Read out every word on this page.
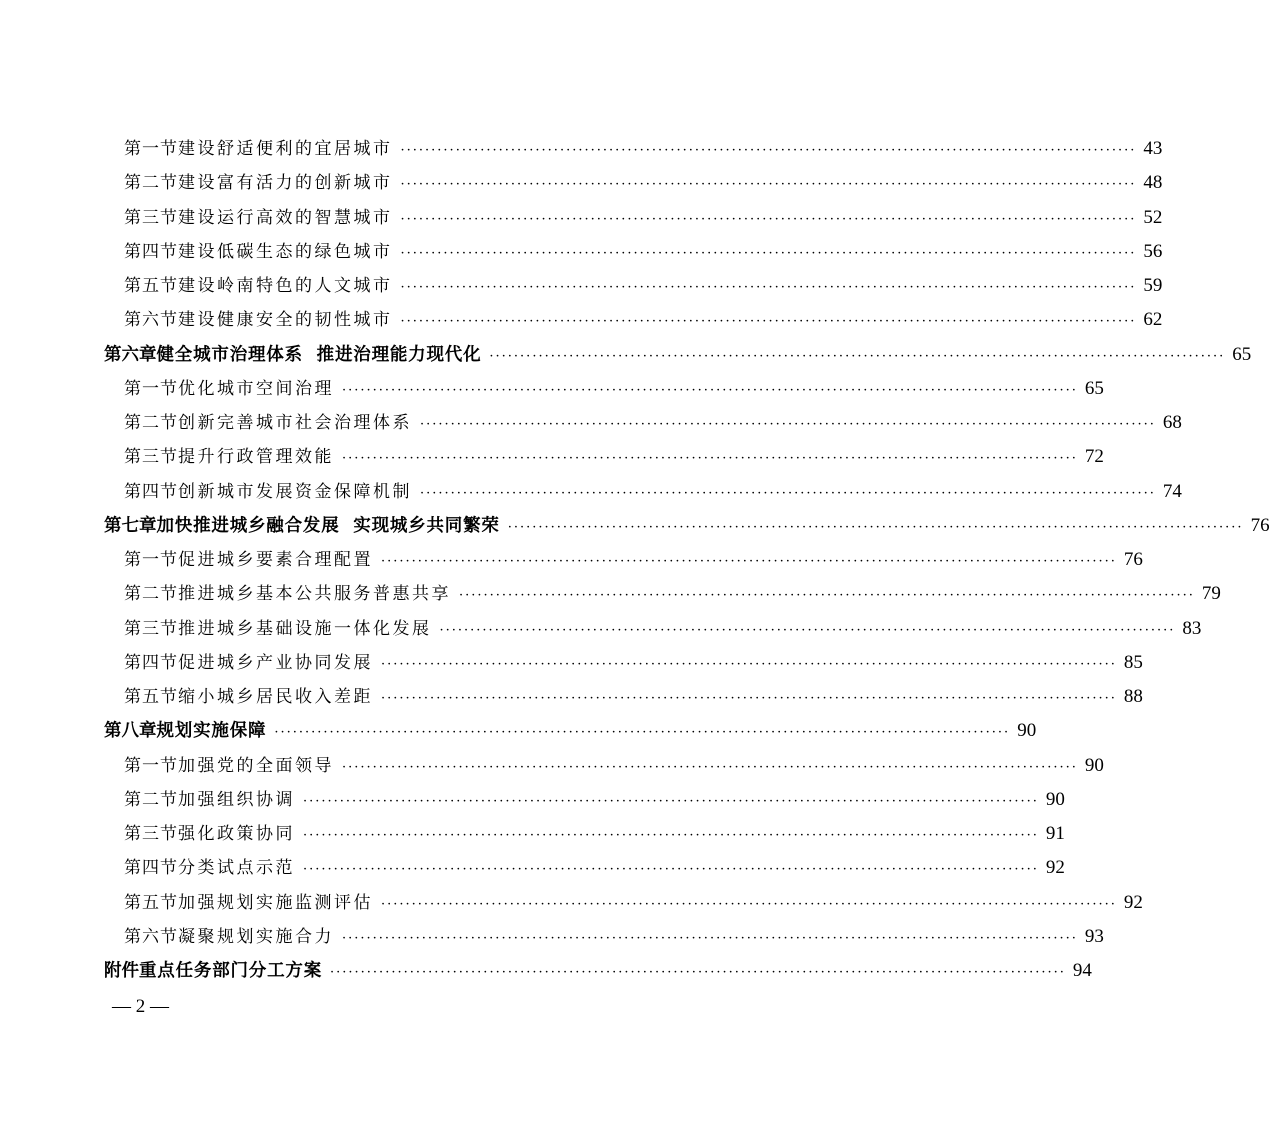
第一节 建设舒适便利的宜居城市 ························································································································ 43
第二节 建设富有活力的创新城市 ························································································································ 48
第三节 建设运行高效的智慧城市 ························································································································ 52
第四节 建设低碳生态的绿色城市 ························································································································ 56
第五节 建设岭南特色的人文城市 ························································································································ 59
第六节 建设健康安全的韧性城市 ························································································································ 62
第六章 健全城市治理体系  推进治理能力现代化 ························································································································ 65
第一节 优化城市空间治理 ························································································································ 65
第二节 创新完善城市社会治理体系 ························································································································ 68
第三节 提升行政管理效能 ························································································································ 72
第四节 创新城市发展资金保障机制 ························································································································ 74
第七章 加快推进城乡融合发展  实现城乡共同繁荣 ························································································································ 76
第一节 促进城乡要素合理配置 ························································································································ 76
第二节 推进城乡基本公共服务普惠共享 ························································································································ 79
第三节 推进城乡基础设施一体化发展 ························································································································ 83
第四节 促进城乡产业协同发展 ························································································································ 85
第五节 缩小城乡居民收入差距 ························································································································ 88
第八章 规划实施保障 ························································································································ 90
第一节 加强党的全面领导 ························································································································ 90
第二节 加强组织协调 ························································································································ 90
第三节 强化政策协同 ························································································································ 91
第四节 分类试点示范 ························································································································ 92
第五节 加强规划实施监测评估 ························································································································ 92
第六节 凝聚规划实施合力 ························································································································ 93
附件 重点任务部门分工方案 ························································································································ 94
— 2 —
